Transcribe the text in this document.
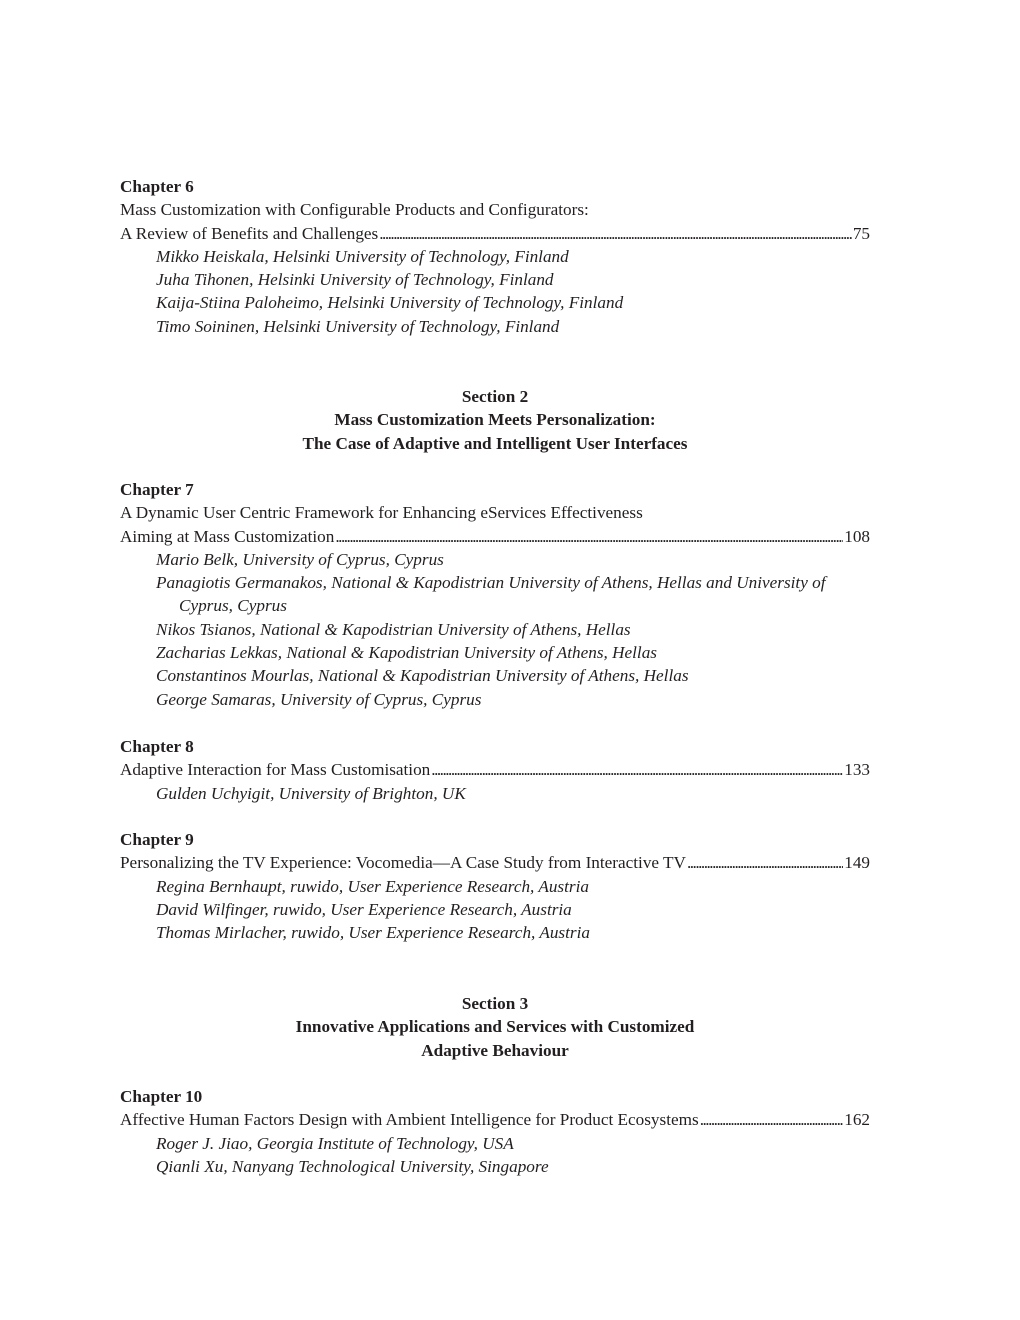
Chapter 6
Mass Customization with Configurable Products and Configurators:
A Review of Benefits and Challenges . . .	75
Mikko Heiskala, Helsinki University of Technology, Finland
Juha Tihonen, Helsinki University of Technology, Finland
Kaija-Stiina Paloheimo, Helsinki University of Technology, Finland
Timo Soininen, Helsinki University of Technology, Finland
Section 2
Mass Customization Meets Personalization:
The Case of Adaptive and Intelligent User Interfaces
Chapter 7
A Dynamic User Centric Framework for Enhancing eServices Effectiveness
Aiming at Mass Customization . . .	108
Mario Belk, University of Cyprus, Cyprus
Panagiotis Germanakos, National & Kapodistrian University of Athens, Hellas and University of Cyprus, Cyprus
Nikos Tsianos, National & Kapodistrian University of Athens, Hellas
Zacharias Lekkas, National & Kapodistrian University of Athens, Hellas
Constantinos Mourlas, National & Kapodistrian University of Athens, Hellas
George Samaras, University of Cyprus, Cyprus
Chapter 8
Adaptive Interaction for Mass Customisation . . .	133
Gulden Uchyigit, University of Brighton, UK
Chapter 9
Personalizing the TV Experience: Vocomedia—A Case Study from Interactive TV . . .	149
Regina Bernhaupt, ruwido, User Experience Research, Austria
David Wilfinger, ruwido, User Experience Research, Austria
Thomas Mirlacher, ruwido, User Experience Research, Austria
Section 3
Innovative Applications and Services with Customized
Adaptive Behaviour
Chapter 10
Affective Human Factors Design with Ambient Intelligence for Product Ecosystems . . .	162
Roger J. Jiao, Georgia Institute of Technology, USA
Qianli Xu, Nanyang Technological University, Singapore
